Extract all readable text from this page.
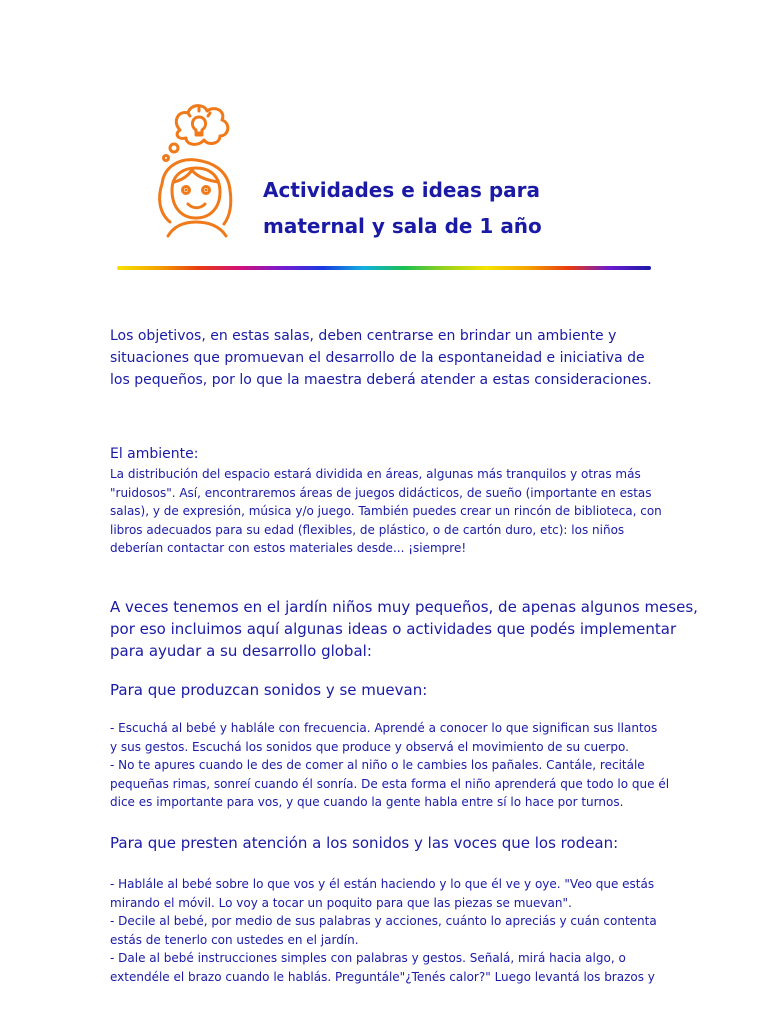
Actividades e ideas para
maternal y sala de 1 año

Los objetivos, en estas salas, deben centrarse en brindar un ambiente y
situaciones que promuevan el desarrollo de la espontaneidad e iniciativa de
los pequeños, por lo que la maestra deberá atender a estas consideraciones.

El ambiente:

La distribución del espacio estará dividida en áreas, algunas más tranquilos y otras más
"ruidosos". Así, encontraremos áreas de juegos didácticos, de sueño (importante en estas
salas), y de expresión, música y/o juego. También puedes crear un rincón de biblioteca, con
libros adecuados para su edad (flexibles, de plástico, o de cartón duro, etc): los niños
deberían contactar con estos materiales desde... ¡siempre!

A veces tenemos en el jardín niños muy pequeños, de apenas algunos meses,
por eso incluimos aquí algunas ideas o actividades que podés implementar
para ayudar a su desarrollo global:

Para que produzcan sonidos y se muevan:

- Escuchá al bebé y hablále con frecuencia. Aprendé a conocer lo que significan sus llantos
y sus gestos. Escuchá los sonidos que produce y observá el movimiento de su cuerpo.
- No te apures cuando le des de comer al niño o le cambies los pañales. Cantále, recitále
pequeñas rimas, sonreí cuando él sonría. De esta forma el niño aprenderá que todo lo que él
dice es importante para vos, y que cuando la gente habla entre sí lo hace por turnos.

Para que presten atención a los sonidos y las voces que los rodean:

- Hablále al bebé sobre lo que vos y él están haciendo y lo que él ve y oye. "Veo que estás
mirando el móvil. Lo voy a tocar un poquito para que las piezas se muevan".
- Decile al bebé, por medio de sus palabras y acciones, cuánto lo apreciás y cuán contenta
estás de tenerlo con ustedes en el jardín.
- Dale al bebé instrucciones simples con palabras y gestos. Señalá, mirá hacia algo, o
extendéle el brazo cuando le hablás. Preguntále"¿Tenés calor?" Luego levantá los brazos y
